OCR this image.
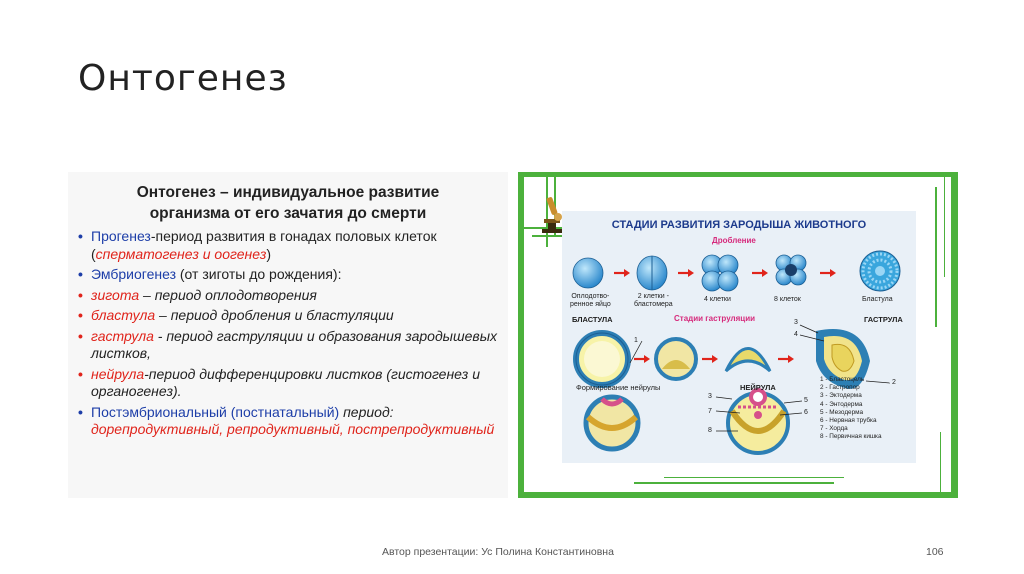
Онтогенез
Онтогенез – индивидуальное развитие
организма от его зачатия до смерти
• Прогенез-период развития в гонадах половых клеток (сперматогенез и оогенез)
• Эмбриогенез (от зиготы до рождения):
• зигота – период оплодотворения
• бластула – период дробления и бластуляции
• гаструла - период гаструляции и образования зародышевых листков,
• нейрула-период дифференцировки листков (гистогенез и органогенез).
• Постэмбриональный (постнатальный) период:
дорепродуктивный, репродуктивный, пострепродуктивный
СТАДИИ РАЗВИТИЯ ЗАРОДЫША ЖИВОТНОГО
Дробление
Оплодотво-
ренное яйцо
2 клетки -
бластомера
4 клетки	8 клеток	Бластула
БЛАСТУЛА	Стадии гаструляции	ГАСТРУЛА
Формирование нейрулы	НЕЙРУЛА
1
2
3
4
3
7
8
5
6
1 - Бластоцель
2 - Гастропор
3 - Эктодерма
4 - Энтодерма
5 - Мезодерма
6 - Нервная трубка
7 - Хорда
8 - Первичная кишка
Автор презентации: Ус Полина Константиновна	106
